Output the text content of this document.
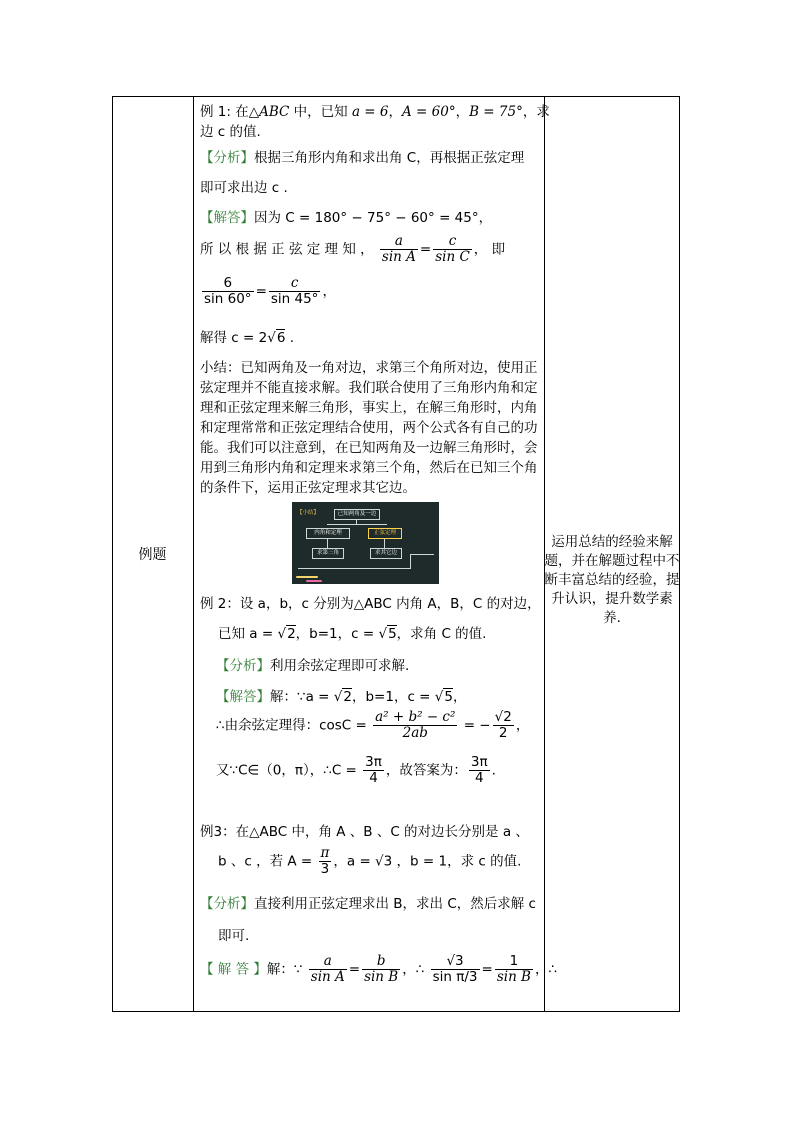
例题
例 1: 在△ABC 中，已知 a = 6，A = 60°，B = 75°，求
边 c 的值.
【分析】根据三角形内角和求出角 C，再根据正弦定理
即可求出边 c .
【解答】因为 C = 180° − 75° − 60° = 45°，
所 以 根 据 正 弦 定 理 知 ， $\frac{a}{\text{sin A}} = \frac{c}{\text{sin C}}$ ， 即
$\frac{6}{\sin 60^\circ} = \frac{c}{\sin 45^\circ}$ ，
解得 c = 2√6 .
小结：已知两角及一角对边，求第三个角所对边，使用正弦定理并不能直接求解。我们联合使用了三角形内角和定理和正弦定理来解三角形，事实上，在解三角形时，内角和定理常常和正弦定理结合使用，两个公式各有自己的功能。我们可以注意到，在已知两角及一边解三角形时，会用到三角形内角和定理来求第三个角，然后在已知三个角的条件下，运用正弦定理求其它边。
【小结】	已知两角及一边
内角和定理	正弦定理
求第三角	求其它边
例 2：设 a，b，c 分别为△ABC 内角 A，B，C 的对边，
已知 a = √2，b=1，c = √5，求角 C 的值.
【分析】利用余弦定理即可求解.
【解答】解：∵a = √2，b=1，c = √5，
∴由余弦定理得：$\cos C = \frac{\text{a² + b² − c²}}{2ab}$ = − $\frac{√2}{2}$ ，
又∵C∈（0，π），∴C = $\frac{3\pi}{4}$ ，故答案为： $\frac{3\pi}{4}$ .
例3：在△ABC 中，角 A 、B 、C 的对边长分别是 a 、
b 、c ，若 $A = \frac{\pi}{3}$ ，a = √3 ，b = 1，求 c 的值.
【分析】直接利用正弦定理求出 B，求出 C，然后求解 c
即可.
【 解 答 】解：∵ $\frac{a}{\text{sin A}} = \frac{b}{\text{sin B}}$ ，∴ $\frac{√3}{\text{sin π/3}} = \frac{1}{\text{sin B}}$ ，∴
运用总结的经验来解题，并在解题过程中不断丰富总结的经验，提升认识，提升数学素养.
